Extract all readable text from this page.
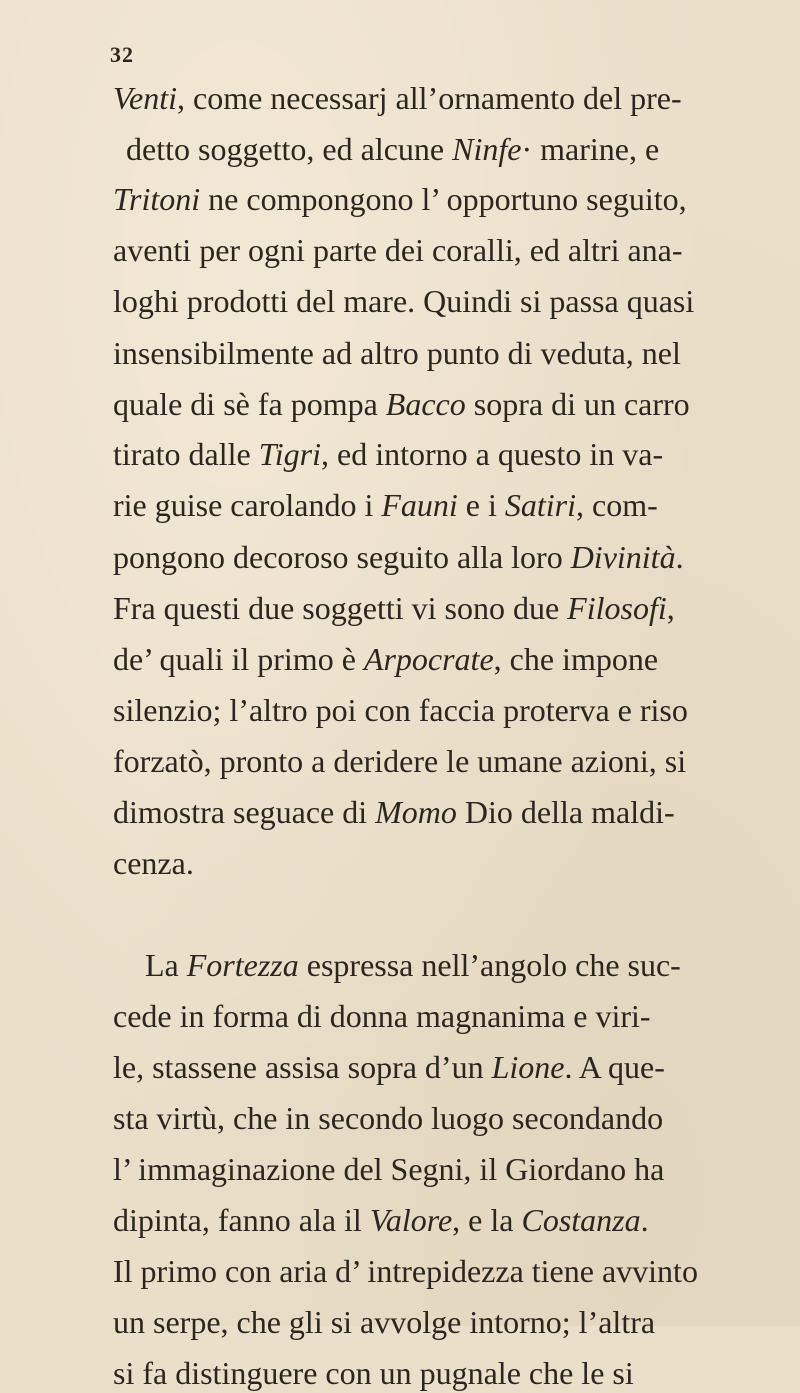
32
Venti, come necessarj all’ornamento del pre-
detto soggetto, ed alcune Ninfe· marine, e
Tritoni ne compongono l’ opportuno seguito,
aventi per ogni parte dei coralli, ed altri ana-
loghi prodotti del mare. Quindi si passa quasi
insensibilmente ad altro punto di veduta, nel
quale di sè fa pompa Bacco sopra di un carro
tirato dalle Tigri, ed intorno a questo in va-
rie guise carolando i Fauni e i Satiri, com-
pongono decoroso seguito alla loro Divinità.
Fra questi due soggetti vi sono due Filosofi,
de’ quali il primo è Arpocrate, che impone
silenzio; l’altro poi con faccia proterva e riso
forzatò, pronto a deridere le umane azioni, si
dimostra seguace di Momo Dio della maldi-
cenza.
La Fortezza espressa nell’angolo che suc-
cede in forma di donna magnanima e viri-
le, stassene assisa sopra d’un Lione. A que-
sta virtù, che in secondo luogo secondando
l’ immaginazione del Segni, il Giordano ha
dipinta, fanno ala il Valore, e la Costanza.
Il primo con aria d’ intrepidezza tiene avvinto
un serpe, che gli si avvolge intorno; l’altra
si fa distinguere con un pugnale che le si
